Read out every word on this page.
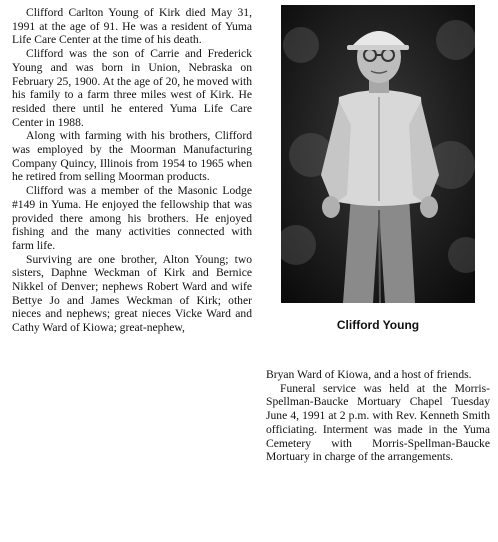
Clifford Carlton Young of Kirk died May 31, 1991 at the age of 91. He was a resident of Yuma Life Care Center at the time of his death.

Clifford was the son of Carrie and Frederick Young and was born in Union, Nebraska on February 25, 1900. At the age of 20, he moved with his family to a farm three miles west of Kirk. He resided there until he entered Yuma Life Care Center in 1988.

Along with farming with his brothers, Clifford was employed by the Moorman Manufacturing Company Quincy, Illinois from 1954 to 1965 when he retired from selling Moorman products.

Clifford was a member of the Masonic Lodge #149 in Yuma. He enjoyed the fellowship that was provided there among his brothers. He enjoyed fishing and the many activities connected with farm life.

Surviving are one brother, Alton Young; two sisters, Daphne Weckman of Kirk and Bernice Nikkel of Denver; nephews Robert Ward and wife Bettye Jo and James Weckman of Kirk; other nieces and nephews; great nieces Vicke Ward and Cathy Ward of Kiowa; great-nephew,	Clifford Young

Bryan Ward of Kiowa, and a host of friends.

Funeral service was held at the Morris-Spellman-Baucke Mortuary Chapel Tuesday June 4, 1991 at 2 p.m. with Rev. Kenneth Smith officiating. Interment was made in the Yuma Cemetery with Morris-Spellman-Baucke Mortuary in charge of the arrangements.
